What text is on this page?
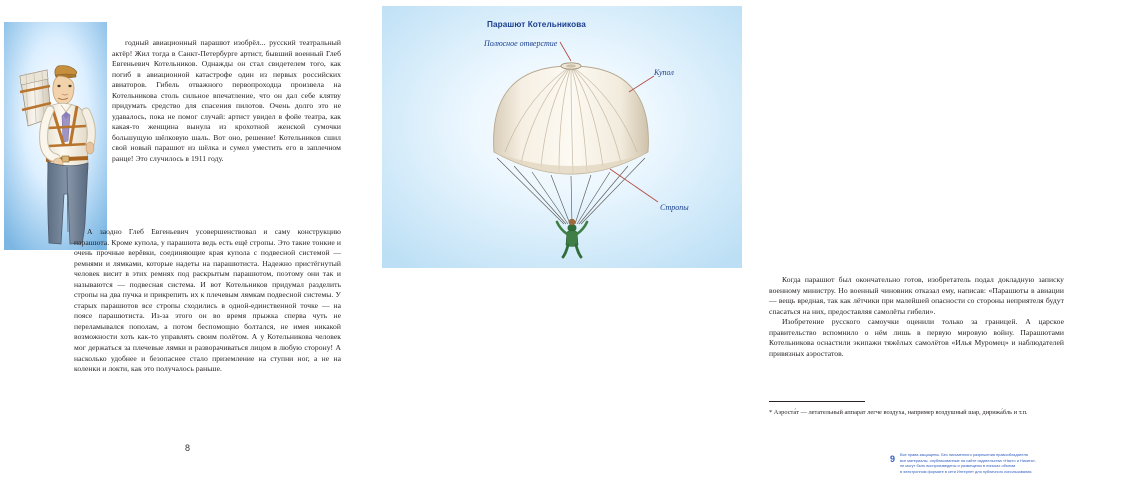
годный авиационный парашют изобрёл... русский театральный актёр! Жил тогда в Санкт-Петербурге артист, бывший военный Глеб Евгеньевич Котельников. Однажды он стал свидетелем того, как погиб в авиационной катастрофе один из первых российских авиаторов. Гибель отважного первопроходца произвела на Котельникова столь сильное впечатление, что он дал себе клятву придумать средство для спасения пилотов. Очень долго это не удавалось, пока не помог случай: артист увидел в фойе театра, как какая-то женщина вынула из крохотной женской сумочки большущую шёлковую шаль. Вот оно, решение! Котельников сшил свой новый парашют из шёлка и сумел уместить его в заплечном ранце! Это случилось в 1911 году.

А заодно Глеб Евгеньевич усовершенствовал и саму конструкцию парашюта. Кроме купола, у парашюта ведь есть ещё стропы. Это такие тонкие и очень прочные верёвки, соединяющие края купола с подвесной системой — ремнями и лямками, которые надеты на парашютиста. Надежно пристёгнутый человек висит в этих ремнях под раскрытым парашютом, поэтому они так и называются — подвесная система. И вот Котельников придумал разделить стропы на два пучка и прикрепить их к плечевым лямкам подвесной системы. У старых парашютов все стропы сходились в одной-единственной точке — на поясе парашютиста. Из-за этого он во время прыжка сперва чуть не переламывался пополам, а потом беспомощно болтался, не имея никакой возможности хоть как-то управлять своим полётом. А у Котельникова человек мог держаться за плечевые лямки и разворачиваться лицом в любую сторону! А насколько удобнее и безопаснее стало приземление на ступни ног, а не на коленки и локти, как это получалось раньше.

8
Парашют Котельникова
Полюсное отверстие
Купол
Стропы

Когда парашют был окончательно готов, изобретатель подал докладную записку военному министру. Но военный чиновник отказал ему, написав: «Парашюты в авиации — вещь вредная, так как лётчики при малейшей опасности со стороны неприятеля будут спасаться на них, предоставляя самолёты гибели».

Изобретение русского самоучки оценили только за границей. А царское правительство вспомнило о нём лишь в первую мировую войну. Парашютами Котельникова оснастили экипажи тяжёлых самолётов «Илья Муромец» и наблюдателей привязных аэростатов.

* Аэроста́т — летательный аппарат легче воздуха, например воздушный шар, дирижа́бль и т.п.
9 Все права защищены. Без письменного разрешения правообладателя
все материалы, опубликованные на сайте издательства «Насто и Никита»,
не могут быть воспроизведены и размещены в поисках объема
в электронном формате в сети Интернет для публичного использования.
